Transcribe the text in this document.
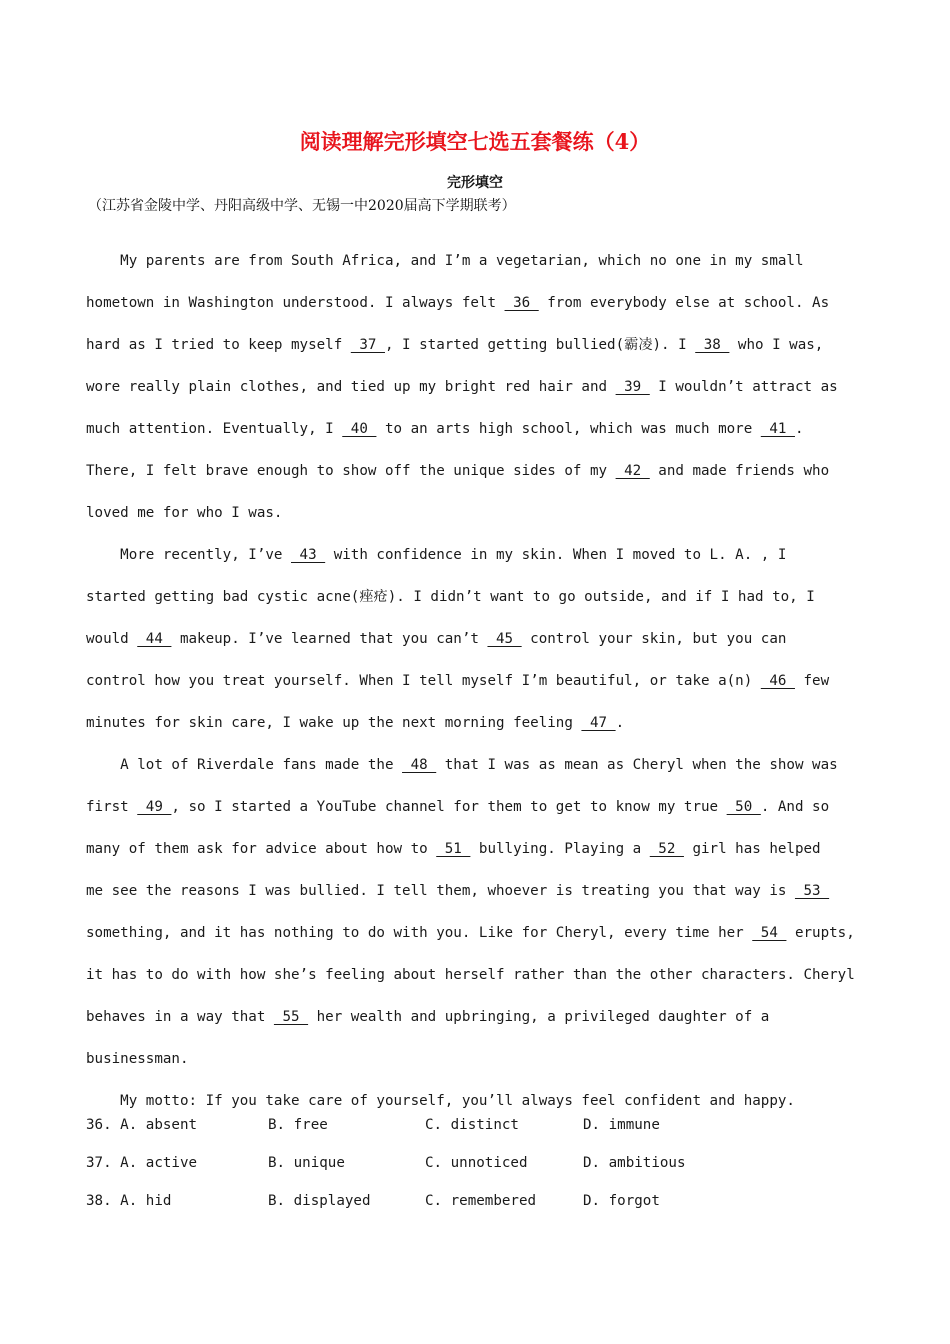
阅读理解完形填空七选五套餐练（4）
完形填空
（江苏省金陵中学、丹阳高级中学、无锡一中2020届高下学期联考）
My parents are from South Africa, and I’m a vegetarian, which no one in my small
hometown in Washington understood. I always felt  36  from everybody else at school. As
hard as I tried to keep myself  37 , I started getting bullied(霸凌). I  38  who I was,
wore really plain clothes, and tied up my bright red hair and  39  I wouldn’t attract as
much attention. Eventually, I  40  to an arts high school, which was much more  41 .
There, I felt brave enough to show off the unique sides of my  42  and made friends who
loved me for who I was.
More recently, I’ve  43  with confidence in my skin. When I moved to L. A. , I
started getting bad cystic acne(痤疮). I didn’t want to go outside, and if I had to, I
would  44  makeup. I’ve learned that you can’t  45  control your skin, but you can
control how you treat yourself. When I tell myself I’m beautiful, or take a(n)  46  few
minutes for skin care, I wake up the next morning feeling  47 .
A lot of Riverdale fans made the  48  that I was as mean as Cheryl when the show was
first  49 , so I started a YouTube channel for them to get to know my true  50 . And so
many of them ask for advice about how to  51  bullying. Playing a  52  girl has helped
me see the reasons I was bullied. I tell them, whoever is treating you that way is  53
something, and it has nothing to do with you. Like for Cheryl, every time her  54  erupts,
it has to do with how she’s feeling about herself rather than the other characters. Cheryl
behaves in a way that  55  her wealth and upbringing, a privileged daughter of a
businessman.
My motto: If you take care of yourself, you’ll always feel confident and happy.
36. A. absent	B. free	C. distinct	D. immune
37. A. active	B. unique	C. unnoticed	D. ambitious
38. A. hid	B. displayed	C. remembered	D. forgot
